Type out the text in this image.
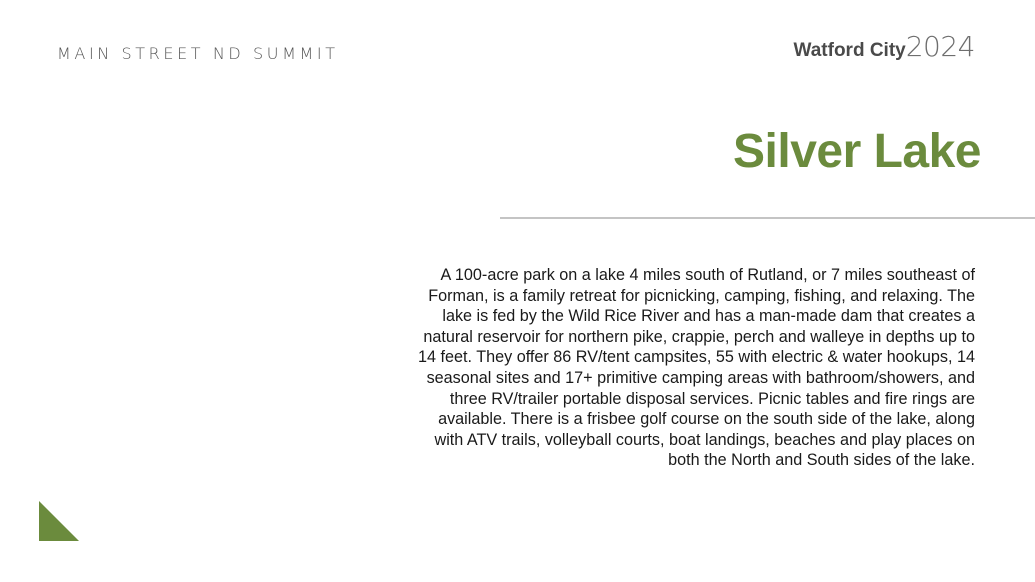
MAIN STREET ND SUMMIT	Watford City 2024
Silver Lake

A 100-acre park on a lake 4 miles south of Rutland, or 7 miles southeast of Forman, is a family retreat for picnicking, camping, fishing, and relaxing. The lake is fed by the Wild Rice River and has a man-made dam that creates a natural reservoir for northern pike, crappie, perch and walleye in depths up to 14 feet. They offer 86 RV/tent campsites, 55 with electric & water hookups, 14 seasonal sites and 17+ primitive camping areas with bathroom/showers, and three RV/trailer portable disposal services. Picnic tables and fire rings are available. There is a frisbee golf course on the south side of the lake, along with ATV trails, volleyball courts, boat landings, beaches and play places on both the North and South sides of the lake.
